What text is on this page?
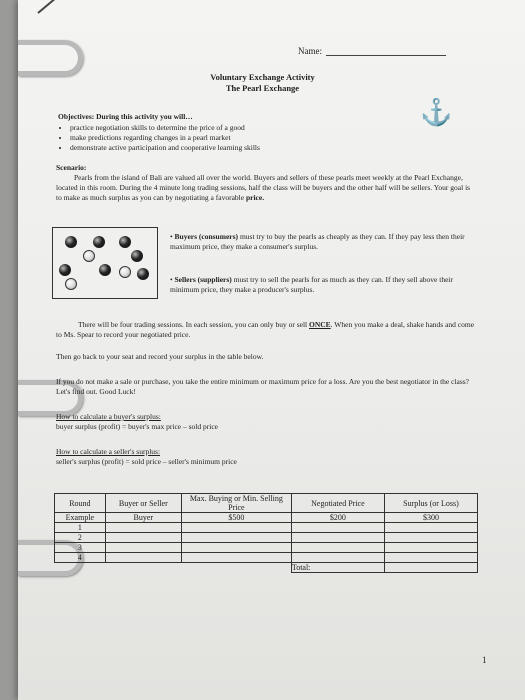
Name:
Voluntary Exchange Activity
The Pearl Exchange
⚓
Objectives: During this activity you will…
• practice negotiation skills to determine the price of a good
• make predictions regarding changes in a pearl market
• demonstrate active participation and cooperative learning skills
Scenario:
Pearls from the island of Bali are valued all over the world. Buyers and sellers of these pearls meet weekly at the Pearl Exchange, located in this room. During the 4 minute long trading sessions, half the class will be buyers and the other half will be sellers. Your goal is to make as much surplus as you can by negotiating a favorable price.
• Buyers (consumers) must try to buy the pearls as cheaply as they can. If they pay less then their maximum price, they make a consumer's surplus.
• Sellers (suppliers) must try to sell the pearls for as much as they can. If they sell above their minimum price, they make a producer's surplus.
There will be four trading sessions. In each session, you can only buy or sell ONCE. When you make a deal, shake hands and come to Ms. Spear to record your negotiated price.
Then go back to your seat and record your surplus in the table below.
If you do not make a sale or purchase, you take the entire minimum or maximum price for a loss. Are you the best negotiator in the class? Let's find out. Good Luck!
How to calculate a buyer's surplus:
buyer surplus (profit) = buyer's max price – sold price
How to calculate a seller's surplus:
seller's surplus (profit) = sold price – seller's minimum price
Round	Buyer or Seller	Max. Buying or Min. Selling Price	Negotiated Price	Surplus (or Loss)
Example	Buyer	$500	$200	$300
1				
2				
3				
4				
			Total:	
1
